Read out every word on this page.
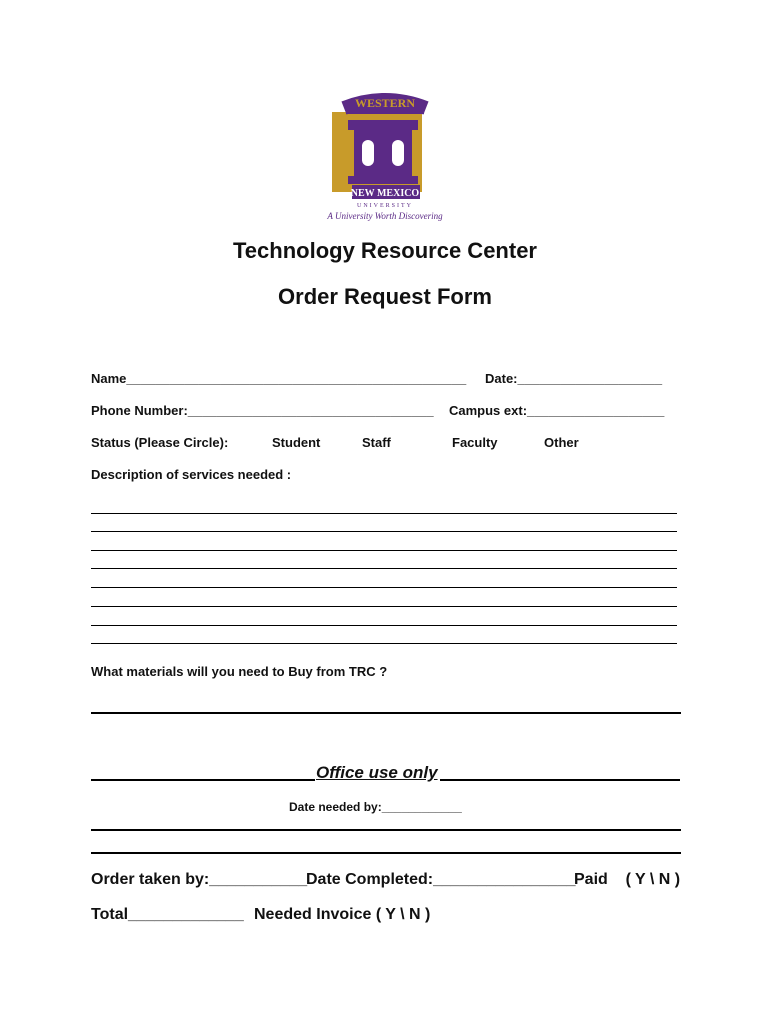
WESTERN
NEW MEXICO
UNIVERSITY
A University Worth Discovering
Technology Resource Center
Order Request Form
Name_______________________________________________ Date:____________________
Phone Number:__________________________________ Campus ext:___________________
Status (Please Circle):	Student	Staff	Faculty	Other
Description of services needed :
What materials will you need to Buy from TRC ?
Office use only
Date needed by:____________
Order taken by:___________
Date Completed:________________
Paid    ( Y \ N )
Total_____________ Needed Invoice ( Y \ N )
